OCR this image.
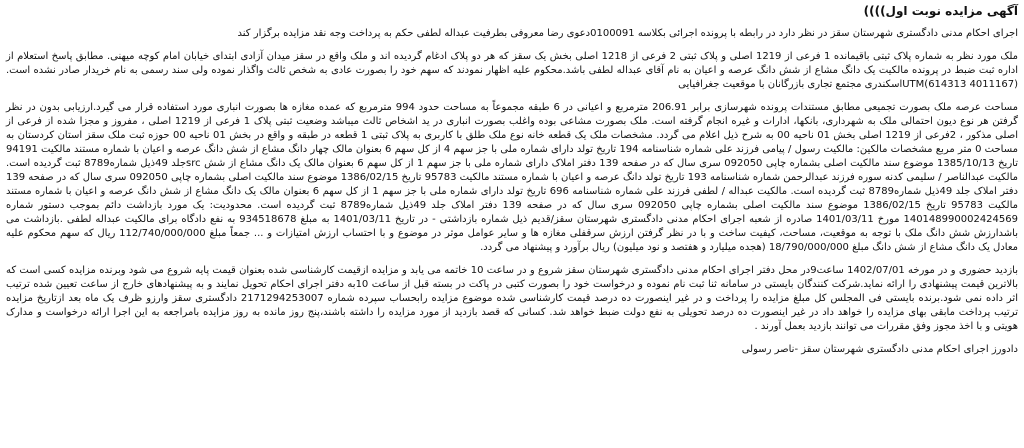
آگهی مزایده نوبت اول))))

اجرای احکام مدنی دادگستری شهرستان سقز در نظر دارد در رابطه با پرونده اجرائی بکلاسه 0100091دعوی رضا معروفی بطرفیت عبداله لطفی حکم به پرداخت وجه نقد مزایده برگزار کند

ملک مورد نظر به شماره پلاک ثبتی باقیمانده 1 فرعی از 1219 اصلی و پلاک ثبتی 2 فرعی از 1218 اصلی بخش یک سقز که هر دو پلاک ادغام گردیده اند و ملک واقع در سقز میدان آزادی ابتدای خیابان امام کوچه میهنی. مطابق پاسخ استعلام از اداره ثبت ضبط در پرونده مالکیت یک دانگ مشاع از شش دانگ عرصه و اعیان به نام آقای عبداله لطفی باشد.محکوم علیه اظهار نمودند که سهم خود را بصورت عادی به شخص ثالث واگذار نموده ولی سند رسمی به نام خریدار صادر نشده است. (UTM(614313 4011167اسکندری مجتمع تجاری بازرگانان با موقعیت جغرافیایی

مساحت عرصه ملک بصورت تجمیعی مطابق مستندات پرونده شهرسازی برابر 206.91 مترمربع و اعیانی در 6 طبقه مجموعاً به مساحت حدود 994 مترمربع که عمده مغازه ها بصورت انباری مورد استفاده قرار می گیرد.ارزیابی بدون در نظر گرفتن هر نوع دیون احتمالی ملک به شهرداری، بانکها، ادارات و غیره انجام گرفته است. ملک بصورت مشاعی بوده واغلب بصورت انباری در ید اشخاص ثالث میباشد وضعیت ثبتی پلاک 1 فرعی از 1219 اصلی ، مفروز و مجزا شده از فرعی از اصلی مذکور ، 2فرعی از 1219 اصلی بخش 01 ناحیه 00 به شرح ذیل اعلام می گردد. مشخصات ملک یک قطعه خانه نوع ملک طلق با کاربری به پلاک ثبتی 1 قطعه در طبقه و واقع در بخش 01 ناحیه 00 حوزه ثبت ملک سقز استان کردستان به مساحت 0 متر مربع مشخصات مالکین: مالکیت رسول / پیامی فرزند علی شماره شناسنامه 194 تاریخ تولد دارای شماره ملی با جز سهم 4 از کل سهم 6 بعنوان مالک چهار دانگ مشاع از شش دانگ عرصه و اعیان با شماره مستند مالکیت 94191 تاریخ 1385/10/13 موضوع سند مالکیت اصلی بشماره چاپی 092050 سری سال که در صفحه 139 دفتر املاک دارای شماره ملی با جز سهم 1 از کل سهم 6 بعنوان مالک یک دانگ مشاع از شش srcجلد 49ذیل شماره8789 ثبت گردیده است. مالکیت عبدالناصر / سلیمی کدنه سوره فرزند عبدالرحمن شماره شناسنامه 193 تاریخ تولد دانگ عرصه و اعیان با شماره مستند مالکیت 95783 تاریخ 1386/02/15 موضوع سند مالکیت اصلی بشماره چاپی 092050 سری سال که در صفحه 139 دفتر املاک جلد 49ذیل شماره8789 ثبت گردیده است. مالکیت عبداله / لطفی فرزند علی شماره شناسنامه 696 تاریخ تولد دارای شماره ملی با جز سهم 1 از کل سهم 6 بعنوان مالک یک دانگ مشاع از شش دانگ عرصه و اعیان با شماره مستند مالکیت 95783 تاریخ 1386/02/15 موضوع سند مالکیت اصلی بشماره چاپی 092050 سری سال که در صفحه 139 دفتر املاک جلد 49ذیل شماره8789 ثبت گردیده است. محدودیت: یک مورد بازداشت دائم بموجب دستور شماره 140148990002424569 مورخ 1401/03/11 صادره از شعبه اجرای احکام مدنی دادگستری شهرستان سقز/قدیم ذیل شماره بازداشتی - در تاریخ 1401/03/11 به مبلغ 934518678 به نفع دادگاه برای مالکیت عبداله لطفی .بازداشت می باشدارزش شش دانگ ملک با توجه به موقعیت، مساحت، کیفیت ساخت و با در نظر گرفتن ارزش سرقفلی مغازه ها و سایر عوامل موثر در موضوع و با احتساب ارزش امتیازات و ... جمعاً مبلغ 112/740/000/000 ریال که سهم محکوم علیه معادل یک دانگ مشاع از شش دانگ مبلغ 18/790/000/000 (هجده میلیارد و هفتصد و نود میلیون) ریال برآورد و پیشنهاد می گردد.

بازدید حضوری و در مورخه 1402/07/01 ساعت9در محل دفتر اجرای احکام مدنی دادگستری شهرستان سقز شروع و در ساعت 10 خاتمه می یابد و مزایده ازقیمت کارشناسی شده بعنوان قیمت پایه شروع می شود وبرنده مزایده کسی است که بالاترین قیمت پیشنهادی را ارائه نماید.شرکت کنندگان بایستی در سامانه ثنا ثبت نام نموده و درخواست خود را بصورت کتبی در پاکت در بسته قبل از ساعت 10به دفتر اجرای احکام تحویل نمایند و به پیشنهادهای خارج از ساعت تعیین شده ترتیب اثر داده نمی شود.برنده بایستی فی المجلس کل مبلغ مزایده را پرداخت و در غیر اینصورت ده درصد قیمت کارشناسی شده موضوع مزایده رابحساب سپرده شماره 2171294253007 دادگستری سقز وارزو ظرف یک ماه بعد ازتاریخ مزایده ترتیب پرداخت مابقی بهای مزایده را خواهد داد در غیر اینصورت ده درصد تحویلی به نفع دولت ضبط خواهد شد. کسانی که قصد بازدید از مورد مزایده را داشته باشند،پنج روز مانده به روز مزایده بامراجعه به این اجرا ارائه درخواست و مدارک هویتی و با اخذ مجوز وفق مقررات می توانند بازدید بعمل آورند .

دادورز اجرای احکام مدنی دادگستری شهرستان سقز -ناصر رسولی
